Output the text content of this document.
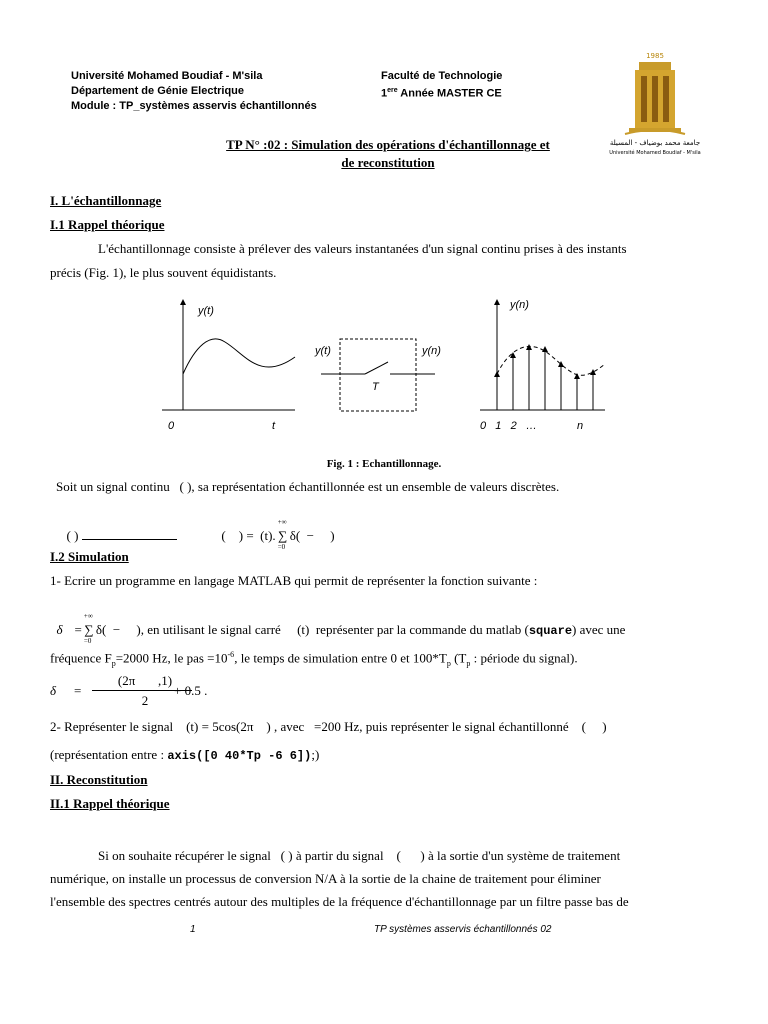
Université Mohamed Boudiaf - M'sila
Département de Génie Electrique
Module : TP_systèmes asservis échantillonnés
Faculté de Technologie
1ere Année MASTER CE
1985
جامعة محمد بوضياف - المسيلة
Université Mohamed Boudiaf - M'sila
TP N° :02 : Simulation des opérations d'échantillonnage et
de reconstitution
I. L'échantillonnage
I.1 Rappel théorique
L'échantillonnage consiste à prélever des valeurs instantanées d'un signal continu prises à des instants
précis (Fig. 1), le plus souvent équidistants.
y(t)
0	t
y(t)	y(n)
T
y(n)
0   1   2   …	n
Fig. 1 : Echantillonnage.
Soit un signal continu   ( ), sa représentation échantillonnée est un ensemble de valeurs discrètes.

( )	(    ) =  (t).
+∞
∑
=0
δ(  −     )

I.2 Simulation
1- Ecrire un programme en langage MATLAB qui permit de représenter la fonction suivante :

δ =
+∞
∑
=0
δ(  −     ), en utilisant le signal carré     (t)  représenter par la commande du matlab (square) avec une

fréquence $F_p=2000$ Hz, le pas $=10^{-6}$, le temps de simulation entre 0 et $100*T_p$ ($T_p$ : période du signal).
δ =
(2π       ,1)
2
+ 0.5 .
2- Représenter le signal    (t) = 5cos(2π    ) , avec   =200 Hz, puis représenter le signal échantillonné    (     )
(représentation entre : axis([0 40*Tp -6 6]);)
II. Reconstitution
II.1 Rappel théorique
Si on souhaite récupérer le signal   ( ) à partir du signal    (      ) à la sortie d'un système de traitement
numérique, on installe un processus de conversion N/A à la sortie de la chaine de traitement pour éliminer
l'ensemble des spectres centrés autour des multiples de la fréquence d'échantillonnage par un filtre passe bas de
1	TP systèmes asservis échantillonnés 02
